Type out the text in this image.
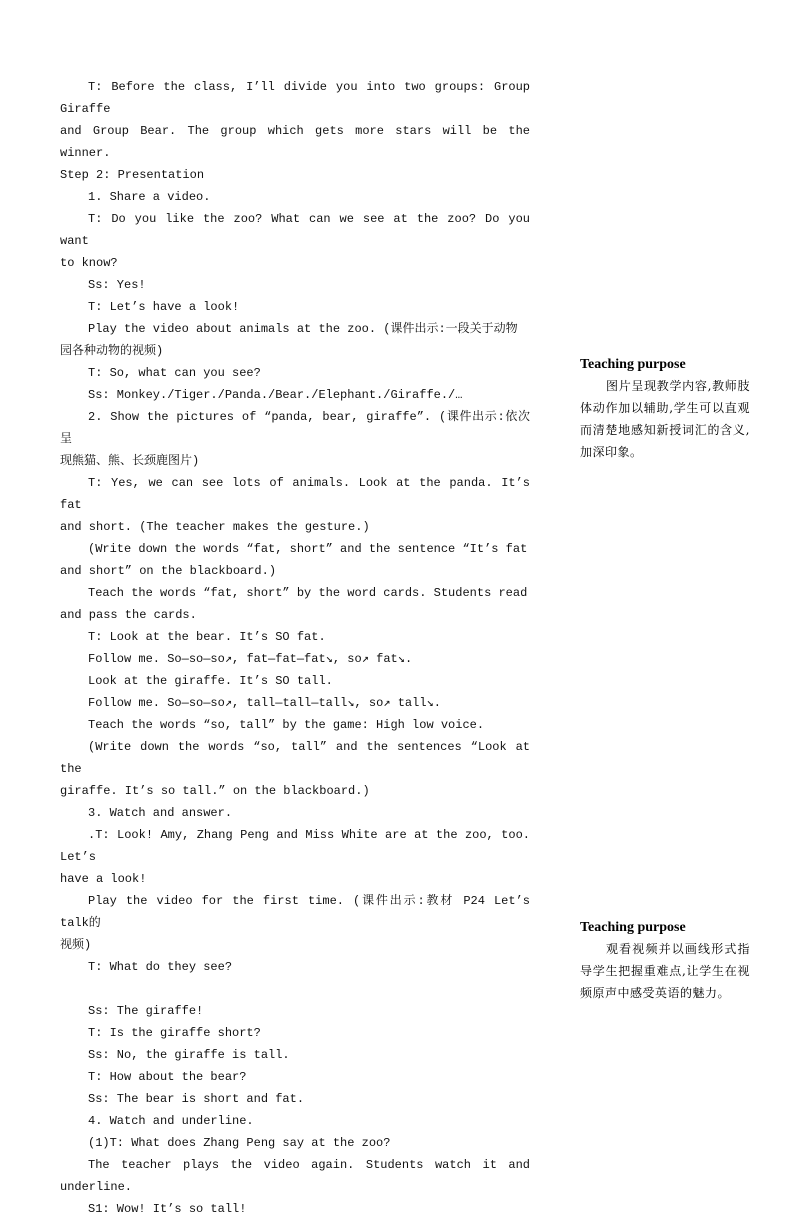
T: Before the class, I’ll divide you into two groups: Group Giraffe

and Group Bear. The group which gets more stars will be the winner.

Step 2: Presentation

1. Share a video.

T: Do you like the zoo? What can we see at the zoo? Do you want

to know?

Ss: Yes!

T: Let’s have a look!

Play the video about animals at the zoo. (课件出示:一段关于动物

园各种动物的视频)

T: So, what can you see?

Ss: Monkey./Tiger./Panda./Bear./Elephant./Giraffe./…

2. Show the pictures of “panda, bear, giraffe”. (课件出示:依次呈

现熊猫、熊、长颈鹿图片)

T: Yes, we can see lots of animals. Look at the panda. It’s fat

and short. (The teacher makes the gesture.)

(Write down the words “fat, short” and the sentence “It’s fat

and short” on the blackboard.)

Teach the words “fat, short” by the word cards. Students read

and pass the cards.

T: Look at the bear. It’s SO fat.

Follow me. So—so—so↗, fat—fat—fat↘, so↗ fat↘.

Look at the giraffe. It’s SO tall.

Follow me. So—so—so↗, tall—tall—tall↘, so↗ tall↘.

Teach the words “so, tall” by the game: High low voice.

(Write down the words “so, tall” and the sentences “Look at the

giraffe. It’s so tall.” on the blackboard.)

3. Watch and answer.

.T: Look! Amy, Zhang Peng and Miss White are at the zoo, too. Let’s

have a look!

Play the video for the first time. (课件出示:教材 P24 Let’s talk的

视频)

T: What do they see?

Ss: The giraffe!

T: Is the giraffe short?

Ss: No, the giraffe is tall.

T: How about the bear?

Ss: The bear is short and fat.

4. Watch and underline.

(1)T: What does Zhang Peng say at the zoo?

The teacher plays the video again. Students watch it and underline.

S1: Wow! It’s so tall!

Teaching purpose

图片呈现教学内容,教师肢体动作加以辅助,学生可以直观而清楚地感知新授词汇的含义,加深印象。

Teaching purpose

观看视频并以画线形式指导学生把握重难点,让学生在视频原声中感受英语的魅力。
